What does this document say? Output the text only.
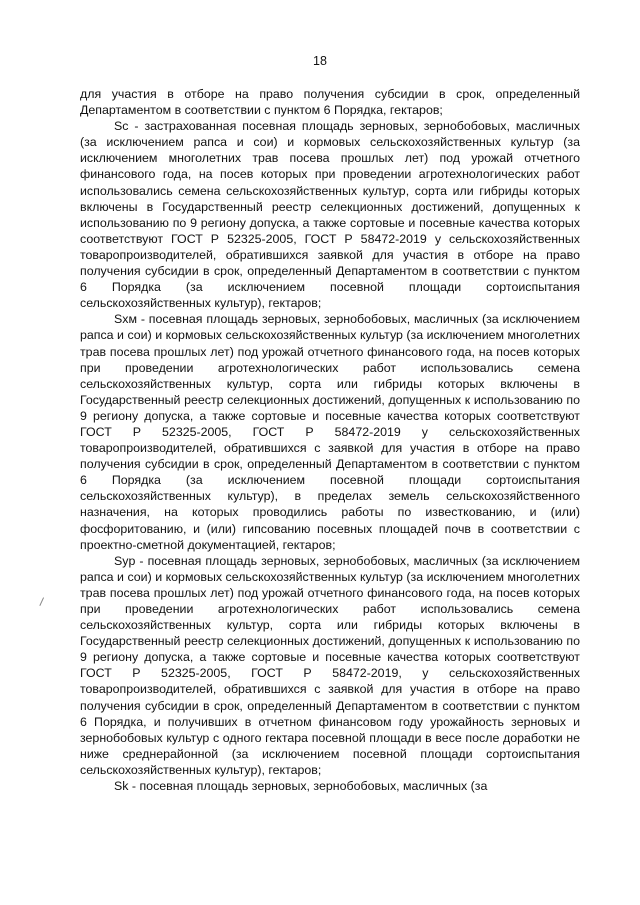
18

для участия в отборе на право получения субсидии в срок, определенный Департаментом в соответствии с пунктом 6 Порядка, гектаров;

Sc - застрахованная посевная площадь зерновых, зернобобовых, масличных (за исключением рапса и сои) и кормовых сельскохозяйственных культур (за исключением многолетних трав посева прошлых лет) под урожай отчетного финансового года, на посев которых при проведении агротехнологических работ использовались семена сельскохозяйственных культур, сорта или гибриды которых включены в Государственный реестр селекционных достижений, допущенных к использованию по 9 региону допуска, а также сортовые и посевные качества которых соответствуют ГОСТ Р 52325-2005, ГОСТ Р 58472-2019 у сельскохозяйственных товаропроизводителей, обратившихся заявкой для участия в отборе на право получения субсидии в срок, определенный Департаментом в соответствии с пунктом 6 Порядка (за исключением посевной площади сортоиспытания сельскохозяйственных культур), гектаров;

Sхм - посевная площадь зерновых, зернобобовых, масличных (за исключением рапса и сои) и кормовых сельскохозяйственных культур (за исключением многолетних трав посева прошлых лет) под урожай отчетного финансового года, на посев которых при проведении агротехнологических работ использовались семена сельскохозяйственных культур, сорта или гибриды которых включены в Государственный реестр селекционных достижений, допущенных к использованию по 9 региону допуска, а также сортовые и посевные качества которых соответствуют ГОСТ Р 52325-2005, ГОСТ Р 58472-2019 у сельскохозяйственных товаропроизводителей, обратившихся с заявкой для участия в отборе на право получения субсидии в срок, определенный Департаментом в соответствии с пунктом 6 Порядка (за исключением посевной площади сортоиспытания сельскохозяйственных культур), в пределах земель сельскохозяйственного назначения, на которых проводились работы по известкованию, и (или) фосфоритованию, и (или) гипсованию посевных площадей почв в соответствии с проектно-сметной документацией, гектаров;

Syp - посевная площадь зерновых, зернобобовых, масличных (за исключением рапса и сои) и кормовых сельскохозяйственных культур (за исключением многолетних трав посева прошлых лет) под урожай отчетного финансового года, на посев которых при проведении агротехнологических работ использовались семена сельскохозяйственных культур, сорта или гибриды которых включены в Государственный реестр селекционных достижений, допущенных к использованию по 9 региону допуска, а также сортовые и посевные качества которых соответствуют ГОСТ Р 52325-2005, ГОСТ Р 58472-2019, у сельскохозяйственных товаропроизводителей, обратившихся с заявкой для участия в отборе на право получения субсидии в срок, определенный Департаментом в соответствии с пунктом 6 Порядка, и получивших в отчетном финансовом году урожайность зерновых и зернобобовых культур с одного гектара посевной площади в весе после доработки не ниже среднерайонной (за исключением посевной площади сортоиспытания сельскохозяйственных культур), гектаров;

Sk - посевная площадь зерновых, зернобобовых, масличных (за
